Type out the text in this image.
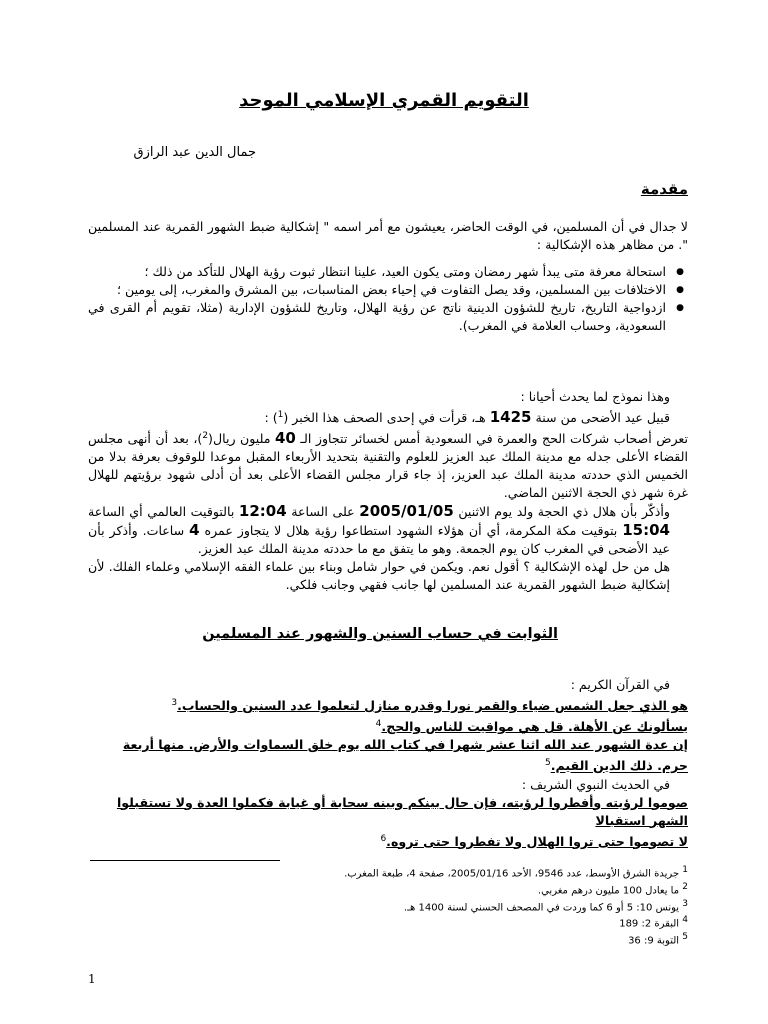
التقويم القمري الإسلامي الموحد
جمال الدين عبد الرازق
مقدمة
لا جدال في أن المسلمين، في الوقت الحاضر، يعيشون مع أمر اسمه " إشكالية ضبط الشهور القمرية عند المسلمين ". من مظاهر هذه الإشكالية :
● استحالة معرفة متى يبدأ شهر رمضان ومتى يكون العيد، علينا انتظار ثبوت رؤية الهلال للتأكد من ذلك ؛
● الاختلافات بين المسلمين، وقد يصل التفاوت في إحياء بعض المناسبات، بين المشرق والمغرب، إلى يومين ؛
● ازدواجية التاريخ، تاريخ للشؤون الدينية ناتج عن رؤية الهلال، وتاريخ للشؤون الإدارية (مثلا، تقويم أم القرى في السعودية، وحساب العلامة في المغرب).
وهذا نموذج لما يحدث أحيانا :
قبيل عيد الأضحى من سنة 1425 هـ، قرأت في إحدى الصحف هذا الخبر ($^1$) :
تعرض أصحاب شركات الحج والعمرة في السعودية أمس لخسائر تتجاوز الـ 40 مليون ريال($^2$)، بعد أن أنهى مجلس القضاء الأعلى جدله مع مدينة الملك عبد العزيز للعلوم والتقنية بتحديد الأربعاء المقبل موعدا للوقوف بعرفة بدلا من الخميس الذي حددته مدينة الملك عبد العزيز، إذ جاء قرار مجلس القضاء الأعلى بعد أن أدلى شهود برؤيتهم للهلال غرة شهر ذي الحجة الاثنين الماضي.
وأذكّر بأن هلال ذي الحجة ولد يوم الاثنين 2005/01/05 على الساعة 12:04 بالتوقيت العالمي أي الساعة 15:04 بتوقيت مكة المكرمة، أي أن هؤلاء الشهود استطاعوا رؤية هلال لا يتجاوز عمره 4 ساعات. وأذكر بأن عيد الأضحى في المغرب كان يوم الجمعة. وهو ما يتفق مع ما حددته مدينة الملك عبد العزيز.
هل من حل لهذه الإشكالية ؟ أقول نعم. ويكمن في حوار شامل وبناء بين علماء الفقه الإسلامي وعلماء الفلك. لأن إشكالية ضبط الشهور القمرية عند المسلمين لها جانب فقهي وجانب فلكي.
الثوابت في حساب السنين والشهور عند المسلمين
في القرآن الكريم :
هو الذي جعل الشمس ضياء والقمر نورا وقدره منازل لتعلموا عدد السنين والحساب.$^3$
يسألونك عن الأهلة. قل هي مواقيت للناس والحج.$^4$
إن عدة الشهور عند الله اثنا عشر شهرا في كتاب الله يوم خلق السماوات والأرض. منها أربعة حرم. ذلك الدين القيم.$^5$
في الحديث النبوي الشريف :
صوموا لرؤيته وأفطروا لرؤيته، فإن حال بينكم وبينه سحابة أو غيابة فكملوا العدة ولا تستقبلوا الشهر استقبالا
لا تصوموا حتى تروا الهلال ولا تفطروا حتى تروه.$^6$
1 جريدة الشرق الأوسط، عدد 9546، الأحد 2005/01/16، صفحة 4، طبعة المغرب.
2 ما يعادل 100 مليون درهم مغربي.
3 يونس 10: 5 أو 6 كما وردت في المصحف الحسني لسنة 1400 هـ.
4 البقرة 2: 189
5 التوبة 9: 36
1
